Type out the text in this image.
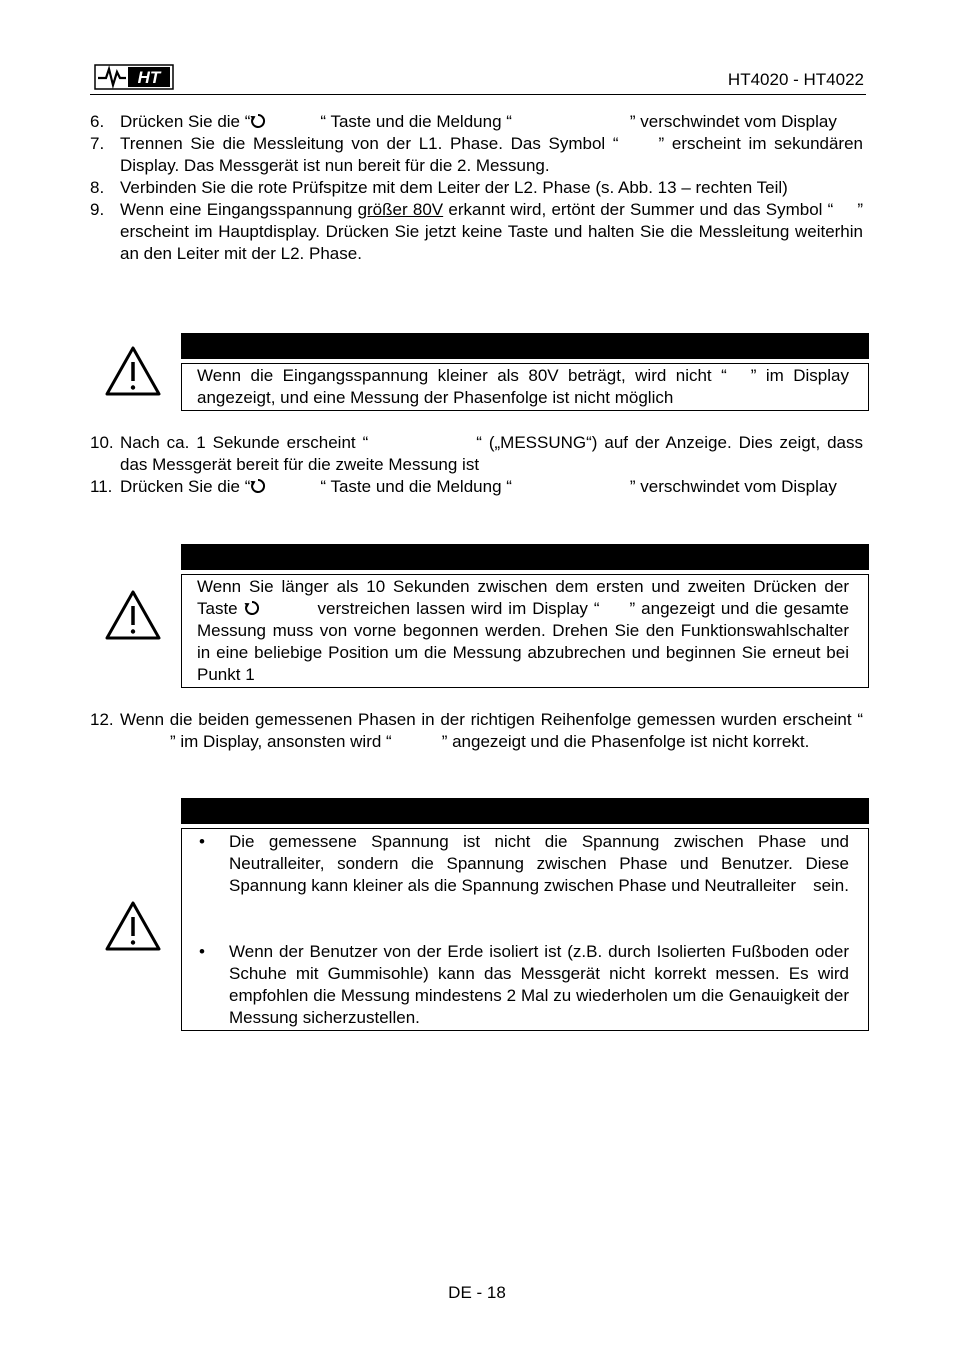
HT	HT4020 - HT4022
6. Drücken Sie die “	“ Taste und die Meldung “	” verschwindet vom Display
7. Trennen Sie die Messleitung von der L1. Phase. Das Symbol “ ” erscheint im sekundären Display. Das Messgerät ist nun bereit für die 2. Messung.
8. Verbinden Sie die rote Prüfspitze mit dem Leiter der L2. Phase (s. Abb. 13 – rechten Teil)
9. Wenn eine Eingangsspannung größer 80V erkannt wird, ertönt der Summer und das Symbol “ ” erscheint im Hauptdisplay. Drücken Sie jetzt keine Taste und halten Sie die Messleitung weiterhin an den Leiter mit der L2. Phase.
Wenn die Eingangsspannung kleiner als 80V beträgt, wird nicht “ ” im Display angezeigt, und eine Messung der Phasenfolge ist nicht möglich
10. Nach ca. 1 Sekunde erscheint “	“ („MESSUNG“) auf der Anzeige. Dies zeigt, dass das Messgerät bereit für die zweite Messung ist
11. Drücken Sie die “	“ Taste und die Meldung “	” verschwindet vom Display
Wenn Sie länger als 10 Sekunden zwischen dem ersten und zweiten Drücken der Taste	verstreichen lassen wird im Display “ ” angezeigt und die gesamte Messung muss von vorne begonnen werden. Drehen Sie den Funktionswahlschalter in eine beliebige Position um die Messung abzubrechen und beginnen Sie erneut bei Punkt 1
12. Wenn die beiden gemessenen Phasen in der richtigen Reihenfolge gemessen wurden erscheint “” im Display, ansonsten wird “	” angezeigt und die Phasenfolge ist nicht korrekt.
• Die gemessene Spannung ist nicht die Spannung zwischen Phase und Neutralleiter, sondern die Spannung zwischen Phase und Benutzer. Diese Spannung kann kleiner als die Spannung zwischen Phase und Neutralleiter	sein.
• Wenn der Benutzer von der Erde isoliert ist (z.B. durch Isolierten Fußboden oder Schuhe mit Gummisohle) kann das Messgerät nicht korrekt messen. Es wird empfohlen die Messung mindestens 2 Mal zu wiederholen um die Genauigkeit der Messung sicherzustellen.
DE - 18
